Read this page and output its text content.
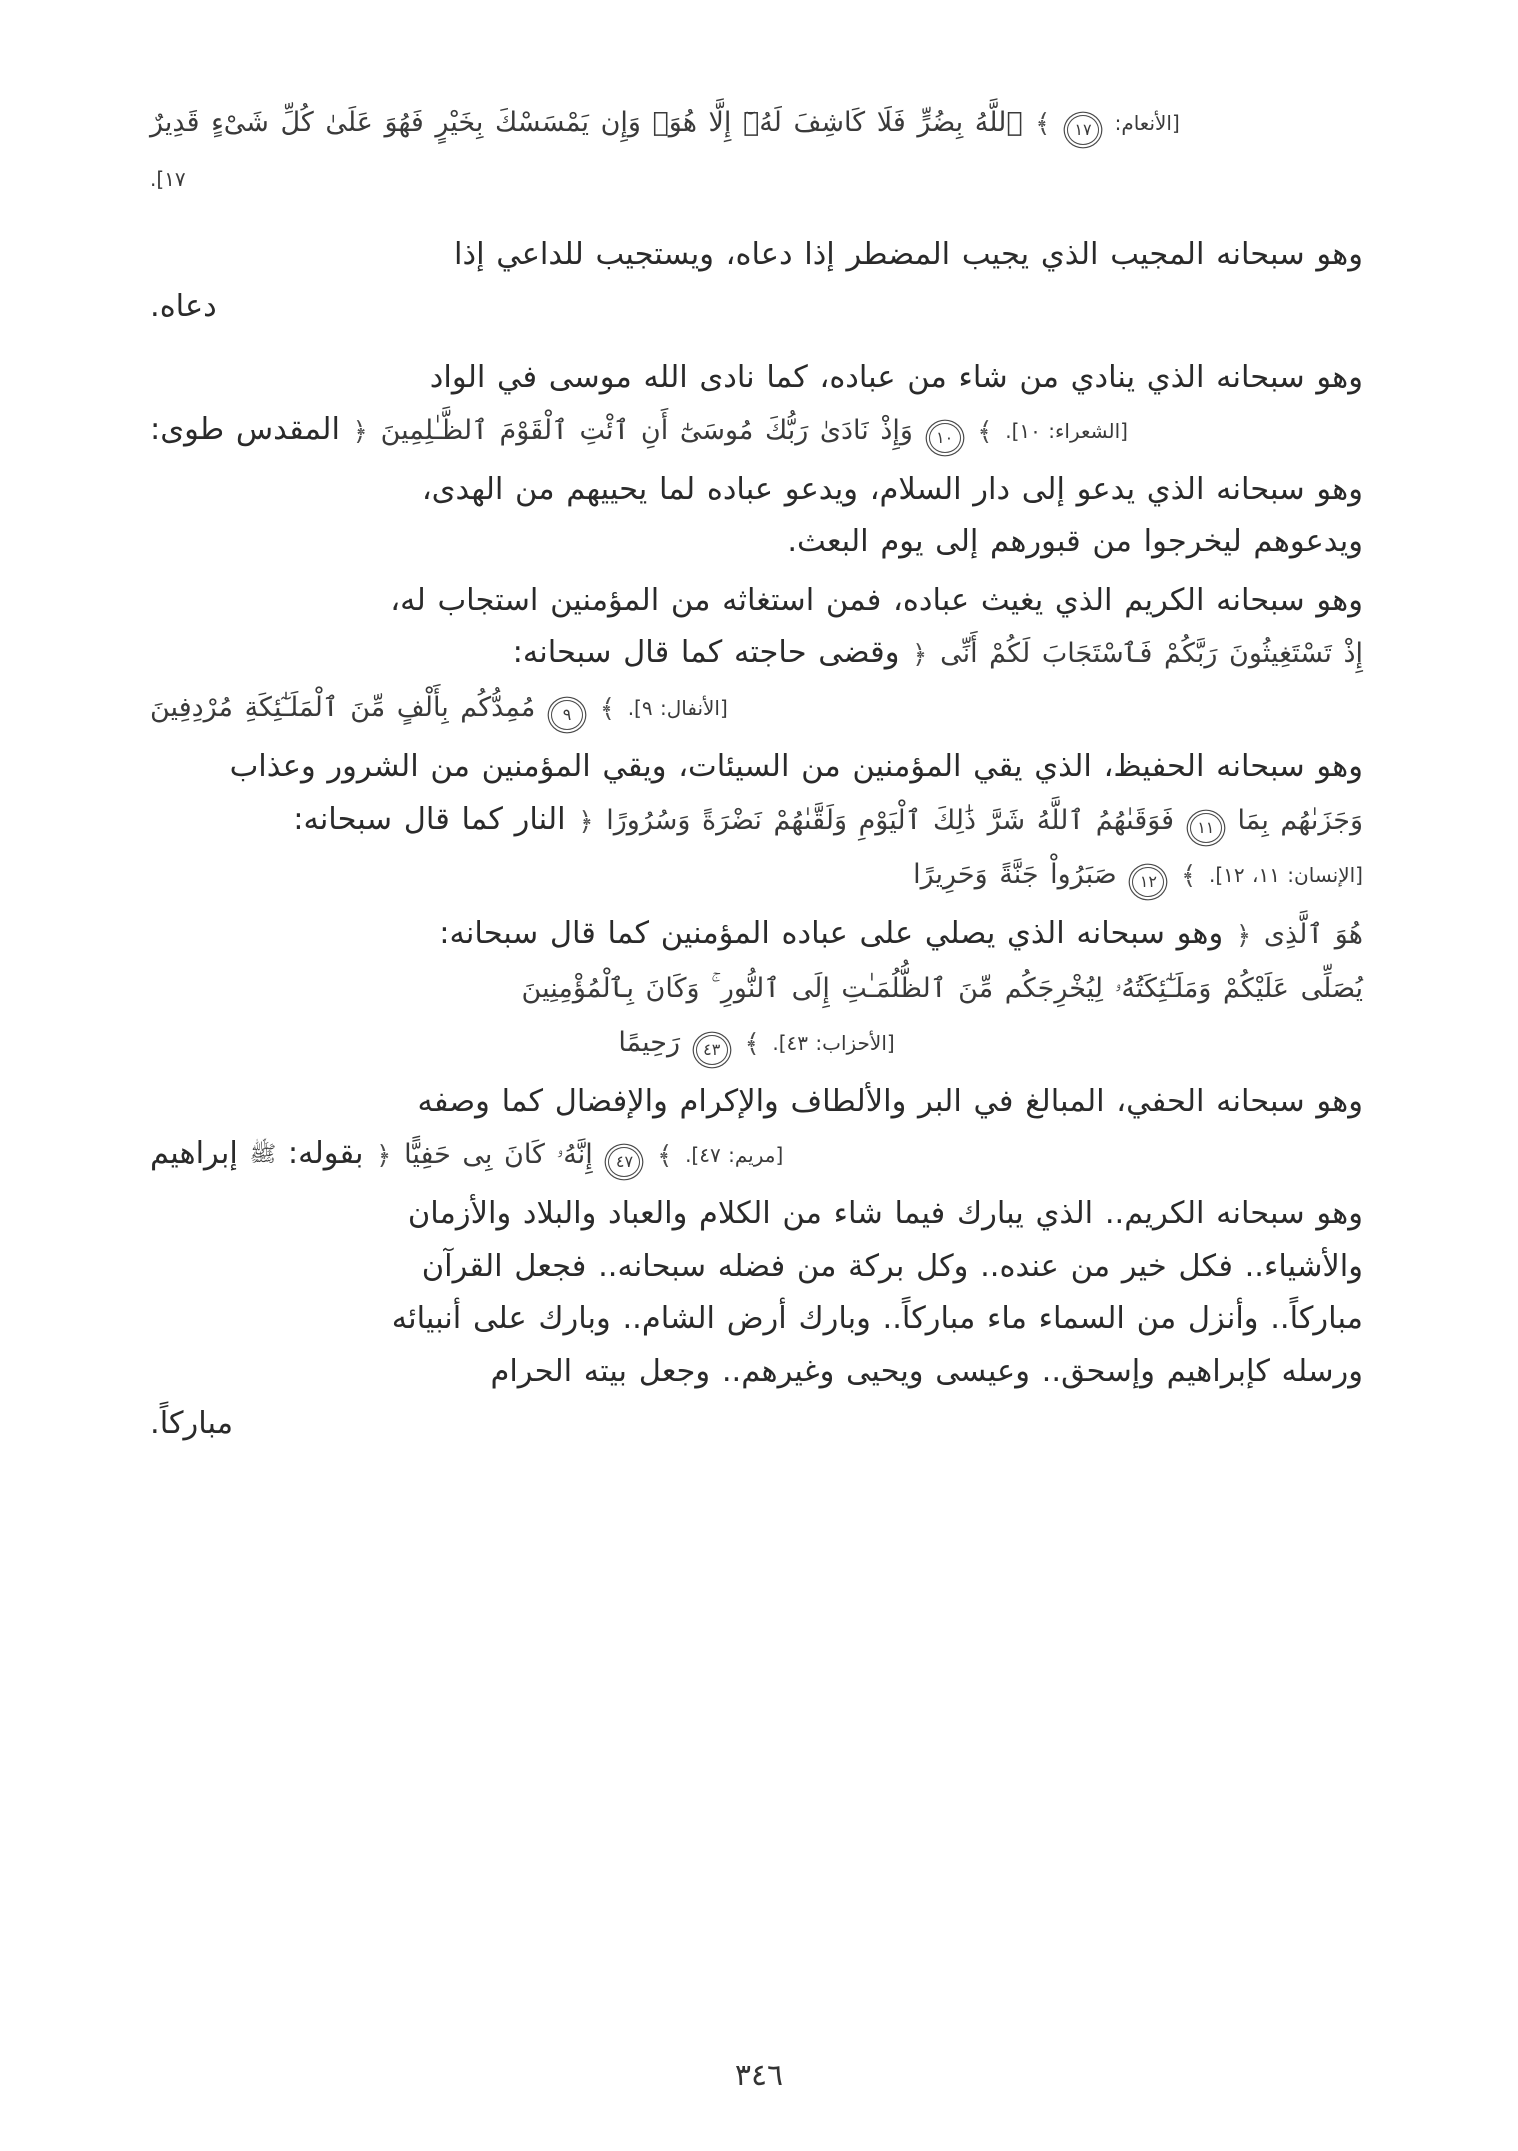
[الأنعام:
١٧ ﴾ ٱللَّهُ بِضُرٍّ فَلَا كَاشِفَ لَهُۥٓ إِلَّا هُوَۖ وَإِن يَمْسَسْكَ بِخَيْرٍ فَهُوَ عَلَىٰ كُلِّ شَىْءٍ قَدِيرٌ
١٧].

وهو سبحانه المجيب الذي يجيب المضطر إذا دعاه، ويستجيب للداعي إذا
دعاه.

وهو سبحانه الذي ينادي من شاء من عباده، كما نادى الله موسى في الواد
[الشعراء: ١٠]. ﴾
١٠ وَإِذْ نَادَىٰ رَبُّكَ مُوسَىٰٓ أَنِ ٱئْتِ ٱلْقَوْمَ ٱلظَّـٰلِمِينَ ﴿ المقدس طوى:

وهو سبحانه الذي يدعو إلى دار السلام، ويدعو عباده لما يحييهم من الهدى،
ويدعوهم ليخرجوا من قبورهم إلى يوم البعث.

وهو سبحانه الكريم الذي يغيث عباده، فمن استغاثه من المؤمنين استجاب له،
إِذْ تَسْتَغِيثُونَ رَبَّكُمْ فَٱسْتَجَابَ لَكُمْ أَنِّى ﴿ وقضى حاجته كما قال سبحانه:
[الأنفال: ٩]. ﴾
٩ مُمِدُّكُم بِأَلْفٍ مِّنَ ٱلْمَلَـٰٓئِكَةِ مُرْدِفِينَ

وهو سبحانه الحفيظ، الذي يقي المؤمنين من السيئات، ويقي المؤمنين من الشرور وعذاب
وَجَزَىٰهُم بِمَا
١١ فَوَقَىٰهُمُ ٱللَّهُ شَرَّ ذَٰلِكَ ٱلْيَوْمِ وَلَقَّىٰهُمْ نَضْرَةً وَسُرُورًا ﴿ النار كما قال سبحانه:
[الإنسان: ١١، ١٢]. ﴾
١٢ صَبَرُواْ جَنَّةً وَحَرِيرًا

هُوَ ٱلَّذِى ﴿ وهو سبحانه الذي يصلي على عباده المؤمنين كما قال سبحانه:
يُصَلِّى عَلَيْكُمْ وَمَلَـٰٓئِكَتُهُۥ لِيُخْرِجَكُم مِّنَ ٱلظُّلُمَـٰتِ إِلَى ٱلنُّورِ ۚ وَكَانَ بِٱلْمُؤْمِنِينَ
[الأحزاب: ٤٣]. ﴾
٤٣ رَحِيمًا

وهو سبحانه الحفي، المبالغ في البر والألطاف والإكرام والإفضال كما وصفه
[مريم: ٤٧]. ﴾
٤٧ إِنَّهُۥ كَانَ بِى حَفِيًّا ﴿ بقوله: ﷺ إبراهيم

وهو سبحانه الكريم.. الذي يبارك فيما شاء من الكلام والعباد والبلاد والأزمان
والأشياء.. فكل خير من عنده.. وكل بركة من فضله سبحانه.. فجعل القرآن
مباركاً.. وأنزل من السماء ماء مباركاً.. وبارك أرض الشام.. وبارك على أنبيائه
ورسله كإبراهيم وإسحق.. وعيسى ويحيى وغيرهم.. وجعل بيته الحرام
مباركاً.

٣٤٦
